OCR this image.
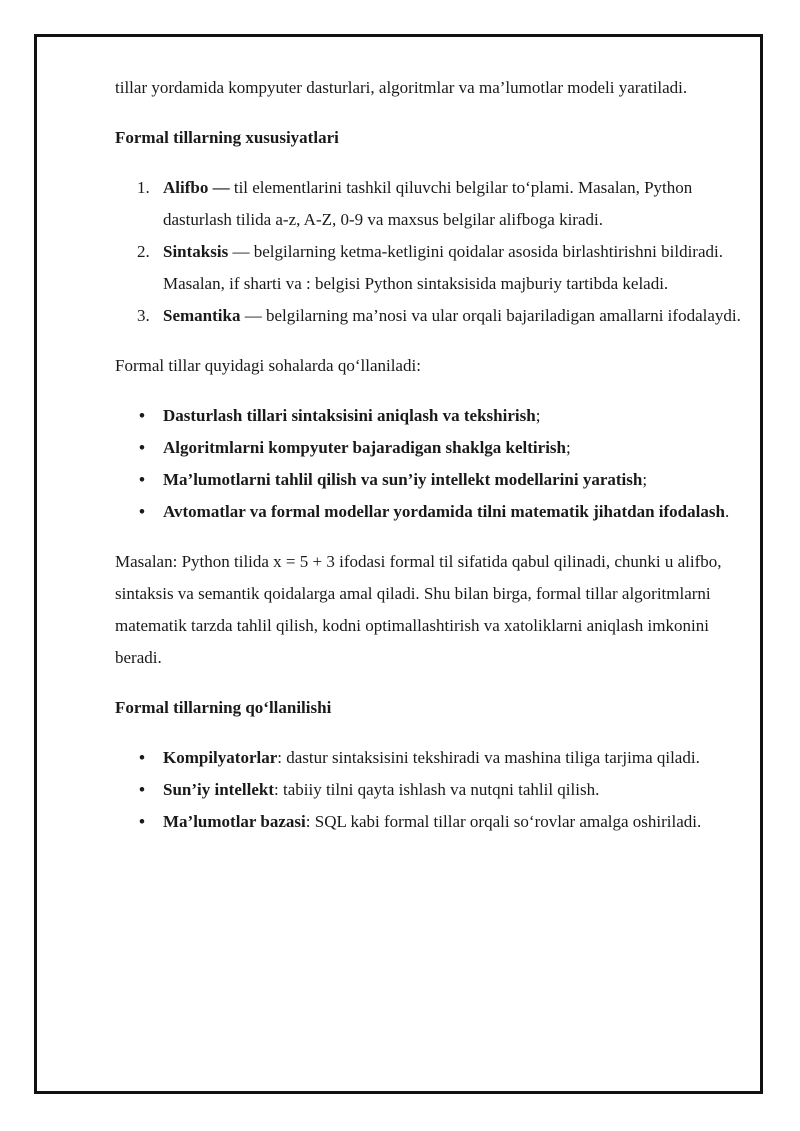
tillar yordamida kompyuter dasturlari, algoritmlar va ma’lumotlar modeli yaratiladi.

Formal tillarning xususiyatlari

1. Alifbo — til elementlarini tashkil qiluvchi belgilar to‘plami. Masalan, Python dasturlash tilida a-z, A-Z, 0-9 va maxsus belgilar alifboga kiradi.
2. Sintaksis — belgilarning ketma-ketligini qoidalar asosida birlashtirishni bildiradi. Masalan, if sharti va : belgisi Python sintaksisida majburiy tartibda keladi.
3. Semantika — belgilarning ma’nosi va ular orqali bajariladigan amallarni ifodalaydi.

Formal tillar quyidagi sohalarda qo‘llaniladi:

• Dasturlash tillari sintaksisini aniqlash va tekshirish;
• Algoritmlarni kompyuter bajaradigan shaklga keltirish;
• Ma’lumotlarni tahlil qilish va sun’iy intellekt modellarini yaratish;
• Avtomatlar va formal modellar yordamida tilni matematik jihatdan ifodalash.

Masalan: Python tilida x = 5 + 3 ifodasi formal til sifatida qabul qilinadi, chunki u alifbo, sintaksis va semantik qoidalarga amal qiladi. Shu bilan birga, formal tillar algoritmlarni matematik tarzda tahlil qilish, kodni optimallashtirish va xatoliklarni aniqlash imkonini beradi.

Formal tillarning qo‘llanilishi

• Kompilyatorlar: dastur sintaksisini tekshiradi va mashina tiliga tarjima qiladi.
• Sun’iy intellekt: tabiiy tilni qayta ishlash va nutqni tahlil qilish.
• Ma’lumotlar bazasi: SQL kabi formal tillar orqali so‘rovlar amalga oshiriladi.
